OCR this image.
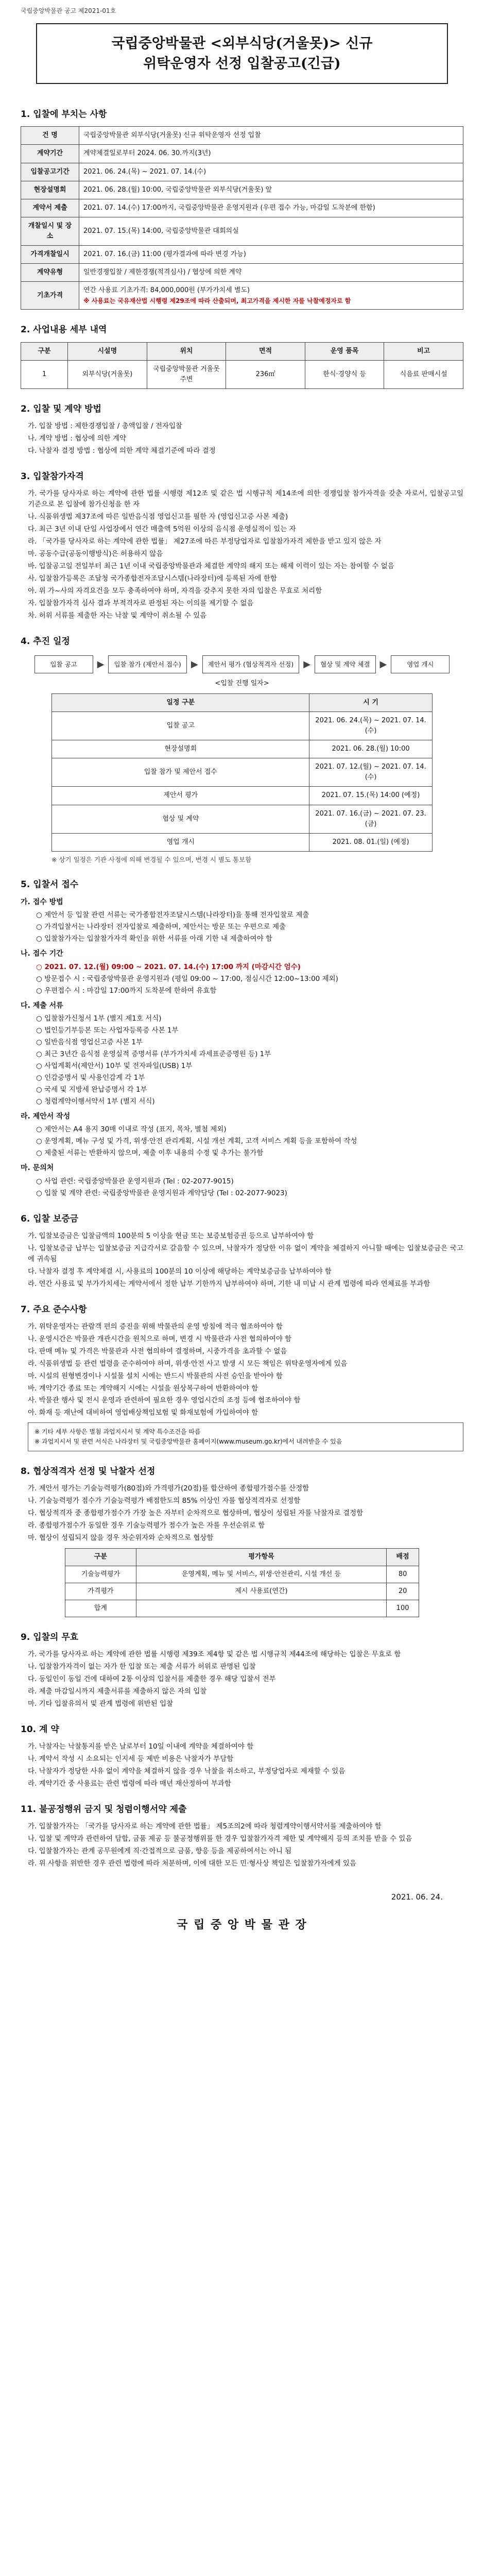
국립중앙박물관 공고 제2021-01호
국립중앙박물관 <외부식당(거울못)> 신규
위탁운영자 선정 입찰공고(긴급)
1. 입찰에 부치는 사항
건 명	국립중앙박물관 외부식당(거울못) 신규 위탁운영자 선정 입찰
계약기간	계약체결일로부터 2024. 06. 30.까지(3년)
입찰공고기간	2021. 06. 24.(목) ~ 2021. 07. 14.(수)
현장설명회	2021. 06. 28.(월) 10:00, 국립중앙박물관 외부식당(거울못) 앞
계약서 제출	2021. 07. 14.(수) 17:00까지, 국립중앙박물관 운영지원과 (우편 접수 가능, 마감일 도착분에 한함)
개찰일시 및 장소	2021. 07. 15.(목) 14:00, 국립중앙박물관 대회의실
가격개찰일시	2021. 07. 16.(금) 11:00 (평가결과에 따라 변경 가능)
계약유형	일반경쟁입찰 / 제한경쟁(적격심사) / 협상에 의한 계약
기초가격	연간 사용료 기초가격: 84,000,000원 (부가가치세 별도)
※ 사용료는 국유재산법 시행령 제29조에 따라 산출되며, 최고가격을 제시한 자를 낙찰예정자로 함
2. 사업내용 세부 내역
구분	시설명	위치	면적	운영 품목	비고
1	외부식당(거울못)	국립중앙박물관 거울못 주변	236㎡	한식·경양식 등	식음료 판매시설
2. 입찰 및 계약 방법
가. 입찰 방법 : 제한경쟁입찰 / 총액입찰 / 전자입찰
나. 계약 방법 : 협상에 의한 계약
다. 낙찰자 결정 방법 : 협상에 의한 계약 체결기준에 따라 결정
3. 입찰참가자격
가. 국가를 당사자로 하는 계약에 관한 법률 시행령 제12조 및 같은 법 시행규칙 제14조에 의한 경쟁입찰 참가자격을 갖춘 자로서, 입찰공고일 기준으로 본 입찰에 참가신청을 한 자
나. 식품위생법 제37조에 따른 일반음식점 영업신고를 필한 자 (영업신고증 사본 제출)
다. 최근 3년 이내 단일 사업장에서 연간 매출액 5억원 이상의 음식점 운영실적이 있는 자
라. 「국가를 당사자로 하는 계약에 관한 법률」 제27조에 따른 부정당업자로 입찰참가자격 제한을 받고 있지 않은 자
마. 공동수급(공동이행방식)은 허용하지 않음
바. 입찰공고일 전일부터 최근 1년 이내 국립중앙박물관과 체결한 계약의 해지 또는 해제 이력이 있는 자는 참여할 수 없음
사. 입찰참가등록은 조달청 국가종합전자조달시스템(나라장터)에 등록된 자에 한함
아. 위 가~사의 자격요건을 모두 충족하여야 하며, 자격을 갖추지 못한 자의 입찰은 무효로 처리함
자. 입찰참가자격 심사 결과 부적격자로 판정된 자는 이의를 제기할 수 없음
차. 허위 서류를 제출한 자는 낙찰 및 계약이 취소될 수 있음
4. 추진 일정
입찰 공고	▶	입찰 참가 (제안서 접수)	▶	제안서 평가 (협상적격자 선정)	▶	협상 및 계약 체결	▶	영업 개시
<입찰 진행 일자>
일정 구분	시 기
입찰 공고	2021. 06. 24.(목) ~ 2021. 07. 14.(수)
현장설명회	2021. 06. 28.(월) 10:00
입찰 참가 및 제안서 접수	2021. 07. 12.(월) ~ 2021. 07. 14.(수)
제안서 평가	2021. 07. 15.(목) 14:00 (예정)
협상 및 계약	2021. 07. 16.(금) ~ 2021. 07. 23.(금)
영업 개시	2021. 08. 01.(일) (예정)
※ 상기 일정은 기관 사정에 의해 변경될 수 있으며, 변경 시 별도 통보함
5. 입찰서 접수
가. 접수 방법
○ 제안서 등 입찰 관련 서류는 국가종합전자조달시스템(나라장터)을 통해 전자입찰로 제출
○ 가격입찰서는 나라장터 전자입찰로 제출하며, 제안서는 방문 또는 우편으로 제출
○ 입찰참가자는 입찰참가자격 확인을 위한 서류를 아래 기한 내 제출하여야 함
나. 접수 기간
○ 2021. 07. 12.(월) 09:00 ~ 2021. 07. 14.(수) 17:00 까지 (마감시간 엄수)
○ 방문접수 시 : 국립중앙박물관 운영지원과 (평일 09:00 ~ 17:00, 점심시간 12:00~13:00 제외)
○ 우편접수 시 : 마감일 17:00까지 도착분에 한하여 유효함
다. 제출 서류
○ 입찰참가신청서 1부 (별지 제1호 서식)
○ 법인등기부등본 또는 사업자등록증 사본 1부
○ 일반음식점 영업신고증 사본 1부
○ 최근 3년간 음식점 운영실적 증명서류 (부가가치세 과세표준증명원 등) 1부
○ 사업계획서(제안서) 10부 및 전자파일(USB) 1부
○ 인감증명서 및 사용인감계 각 1부
○ 국세 및 지방세 완납증명서 각 1부
○ 청렴계약이행서약서 1부 (별지 서식)
라. 제안서 작성
○ 제안서는 A4 용지 30매 이내로 작성 (표지, 목차, 별첨 제외)
○ 운영계획, 메뉴 구성 및 가격, 위생·안전 관리계획, 시설 개선 계획, 고객 서비스 계획 등을 포함하여 작성
○ 제출된 서류는 반환하지 않으며, 제출 이후 내용의 수정 및 추가는 불가함
마. 문의처
○ 사업 관련: 국립중앙박물관 운영지원과 (Tel : 02-2077-9015)
○ 입찰 및 계약 관련: 국립중앙박물관 운영지원과 계약담당 (Tel : 02-2077-9023)
6. 입찰 보증금
가. 입찰보증금은 입찰금액의 100분의 5 이상을 현금 또는 보증보험증권 등으로 납부하여야 함
나. 입찰보증금 납부는 입찰보증금 지급각서로 갈음할 수 있으며, 낙찰자가 정당한 이유 없이 계약을 체결하지 아니할 때에는 입찰보증금은 국고에 귀속됨
다. 낙찰자 결정 후 계약체결 시, 사용료의 100분의 10 이상에 해당하는 계약보증금을 납부하여야 함
라. 연간 사용료 및 부가가치세는 계약서에서 정한 납부 기한까지 납부하여야 하며, 기한 내 미납 시 관계 법령에 따라 연체료를 부과함
7. 주요 준수사항
가. 위탁운영자는 관람객 편의 증진을 위해 박물관의 운영 방침에 적극 협조하여야 함
나. 운영시간은 박물관 개관시간을 원칙으로 하며, 변경 시 박물관과 사전 협의하여야 함
다. 판매 메뉴 및 가격은 박물관과 사전 협의하여 결정하며, 시중가격을 초과할 수 없음
라. 식품위생법 등 관련 법령을 준수하여야 하며, 위생·안전 사고 발생 시 모든 책임은 위탁운영자에게 있음
마. 시설의 원형변경이나 시설물 설치 시에는 반드시 박물관의 사전 승인을 받아야 함
바. 계약기간 종료 또는 계약해지 시에는 시설을 원상복구하여 반환하여야 함
사. 박물관 행사 및 전시 운영과 관련하여 필요한 경우 영업시간의 조정 등에 협조하여야 함
아. 화재 등 재난에 대비하여 영업배상책임보험 및 화재보험에 가입하여야 함
※ 기타 세부 사항은 별첨 과업지시서 및 계약 특수조건을 따름
※ 과업지시서 및 관련 서식은 나라장터 및 국립중앙박물관 홈페이지(www.museum.go.kr)에서 내려받을 수 있음
8. 협상적격자 선정 및 낙찰자 선정
가. 제안서 평가는 기술능력평가(80점)와 가격평가(20점)를 합산하여 종합평가점수를 산정함
나. 기술능력평가 점수가 기술능력평가 배점한도의 85% 이상인 자를 협상적격자로 선정함
다. 협상적격자 중 종합평가점수가 가장 높은 자부터 순차적으로 협상하며, 협상이 성립된 자를 낙찰자로 결정함
라. 종합평가점수가 동일한 경우 기술능력평가 점수가 높은 자를 우선순위로 함
마. 협상이 성립되지 않을 경우 차순위자와 순차적으로 협상함
구분	평가항목	배점
기술능력평가	운영계획, 메뉴 및 서비스, 위생·안전관리, 시설 개선 등	80
가격평가	제시 사용료(연간)	20
합계		100
9. 입찰의 무효
가. 국가를 당사자로 하는 계약에 관한 법률 시행령 제39조 제4항 및 같은 법 시행규칙 제44조에 해당하는 입찰은 무효로 함
나. 입찰참가자격이 없는 자가 한 입찰 또는 제출 서류가 허위로 판명된 입찰
다. 동일인이 동일 건에 대하여 2통 이상의 입찰서를 제출한 경우 해당 입찰서 전부
라. 제출 마감일시까지 제출서류를 제출하지 않은 자의 입찰
마. 기타 입찰유의서 및 관계 법령에 위반된 입찰
10. 계 약
가. 낙찰자는 낙찰통지를 받은 날로부터 10일 이내에 계약을 체결하여야 함
나. 계약서 작성 시 소요되는 인지세 등 제반 비용은 낙찰자가 부담함
다. 낙찰자가 정당한 사유 없이 계약을 체결하지 않을 경우 낙찰을 취소하고, 부정당업자로 제재할 수 있음
라. 계약기간 중 사용료는 관련 법령에 따라 매년 재산정하여 부과함
11. 불공정행위 금지 및 청렴이행서약 제출
가. 입찰참가자는 「국가를 당사자로 하는 계약에 관한 법률」 제5조의2에 따라 청렴계약이행서약서를 제출하여야 함
나. 입찰 및 계약과 관련하여 담합, 금품 제공 등 불공정행위를 한 경우 입찰참가자격 제한 및 계약해지 등의 조치를 받을 수 있음
다. 입찰참가자는 관계 공무원에게 직·간접적으로 금품, 향응 등을 제공하여서는 아니 됨
라. 위 사항을 위반한 경우 관련 법령에 따라 처분하며, 이에 대한 모든 민·형사상 책임은 입찰참가자에게 있음
2021. 06. 24.
국 립 중 앙 박 물 관 장
